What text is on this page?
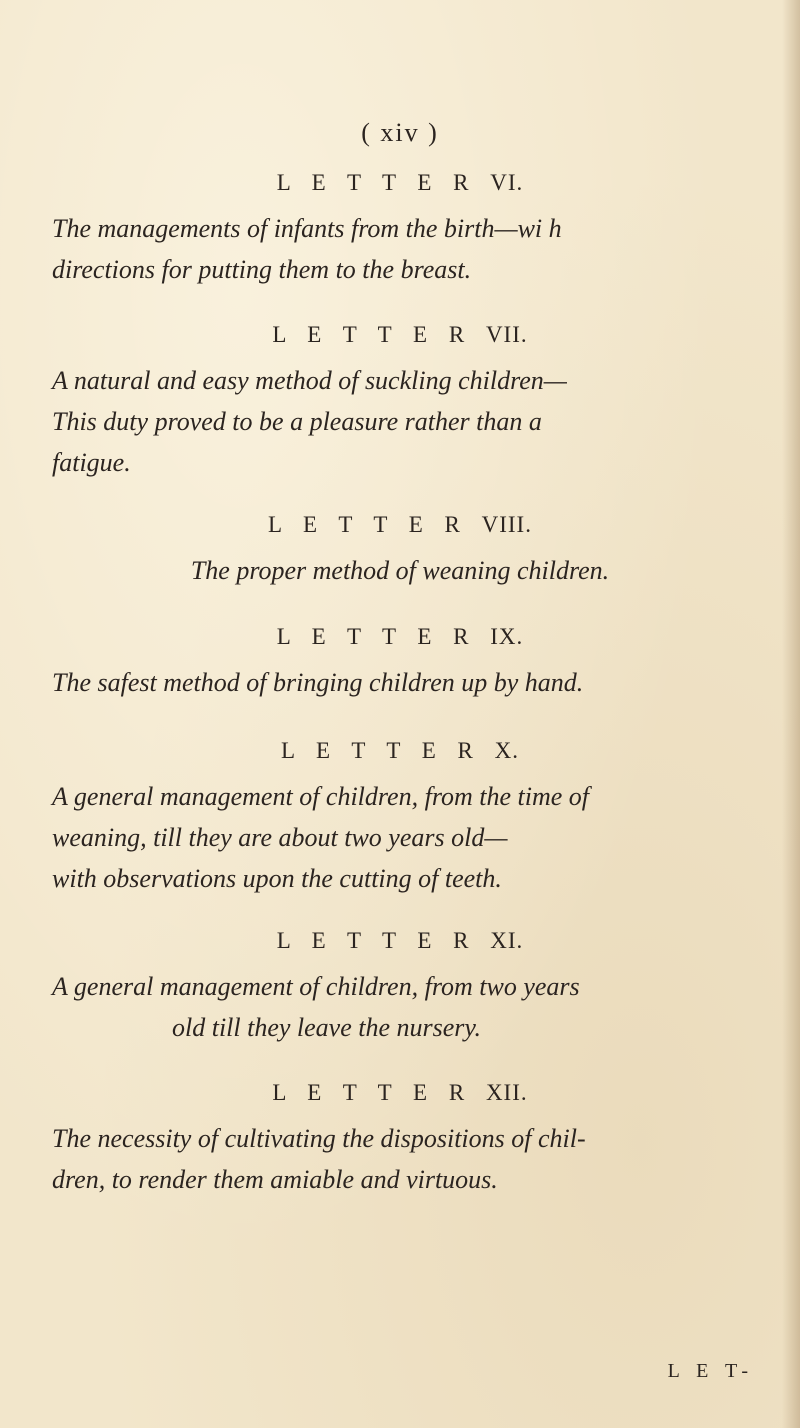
( xiv )
L E T T E R VI.

The managements of infants from the birth—wi h
directions for putting them to the breast.

L E T T E R VII.

A natural and easy method of suckling children—
This duty proved to be a pleasure rather than a
fatigue.

L E T T E R VIII.

The proper method of weaning children.

L E T T E R IX.

The safest method of bringing children up by hand.

L E T T E R X.

A general management of children, from the time of
weaning, till they are about two years old—
with observations upon the cutting of teeth.

L E T T E R XI.

A general management of children, from two years
old till they leave the nursery.

L E T T E R XII.

The necessity of cultivating the dispositions of chil-
dren, to render them amiable and virtuous.

L E T-
